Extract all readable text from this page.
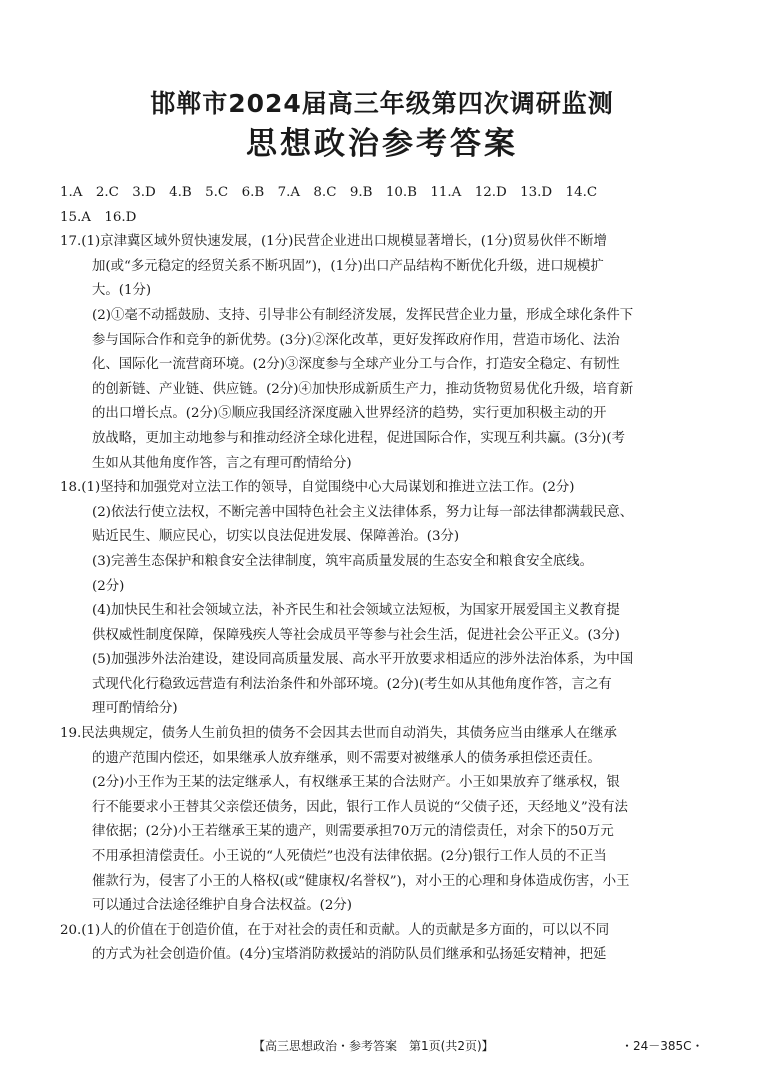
邯郸市2024届高三年级第四次调研监测
思想政治参考答案
1.A　2.C　3.D　4.B　5.C　6.B　7.A　8.C　9.B　10.B　11.A　12.D　13.D　14.C
15.A　16.D
17.(1)京津冀区域外贸快速发展，(1分)民营企业进出口规模显著增长，(1分)贸易伙伴不断增
加(或“多元稳定的经贸关系不断巩固”)，(1分)出口产品结构不断优化升级，进口规模扩
大。(1分)
(2)①毫不动摇鼓励、支持、引导非公有制经济发展，发挥民营企业力量，形成全球化条件下
参与国际合作和竞争的新优势。(3分)②深化改革，更好发挥政府作用，营造市场化、法治
化、国际化一流营商环境。(2分)③深度参与全球产业分工与合作，打造安全稳定、有韧性
的创新链、产业链、供应链。(2分)④加快形成新质生产力，推动货物贸易优化升级，培育新
的出口增长点。(2分)⑤顺应我国经济深度融入世界经济的趋势，实行更加积极主动的开
放战略，更加主动地参与和推动经济全球化进程，促进国际合作，实现互利共赢。(3分)(考
生如从其他角度作答，言之有理可酌情给分)
18.(1)坚持和加强党对立法工作的领导，自觉围绕中心大局谋划和推进立法工作。(2分)
(2)依法行使立法权，不断完善中国特色社会主义法律体系，努力让每一部法律都满载民意、
贴近民生、顺应民心，切实以良法促进发展、保障善治。(3分)
(3)完善生态保护和粮食安全法律制度，筑牢高质量发展的生态安全和粮食安全底线。
(2分)
(4)加快民生和社会领域立法，补齐民生和社会领域立法短板，为国家开展爱国主义教育提
供权威性制度保障，保障残疾人等社会成员平等参与社会生活，促进社会公平正义。(3分)
(5)加强涉外法治建设，建设同高质量发展、高水平开放要求相适应的涉外法治体系，为中国
式现代化行稳致远营造有利法治条件和外部环境。(2分)(考生如从其他角度作答，言之有
理可酌情给分)
19.民法典规定，债务人生前负担的债务不会因其去世而自动消失，其债务应当由继承人在继承
的遗产范围内偿还，如果继承人放弃继承，则不需要对被继承人的债务承担偿还责任。
(2分)小王作为王某的法定继承人，有权继承王某的合法财产。小王如果放弃了继承权，银
行不能要求小王替其父亲偿还债务，因此，银行工作人员说的“父债子还，天经地义”没有法
律依据；(2分)小王若继承王某的遗产，则需要承担70万元的清偿责任，对余下的50万元
不用承担清偿责任。小王说的“人死债烂”也没有法律依据。(2分)银行工作人员的不正当
催款行为，侵害了小王的人格权(或“健康权/名誉权”)，对小王的心理和身体造成伤害，小王
可以通过合法途径维护自身合法权益。(2分)
20.(1)人的价值在于创造价值，在于对社会的责任和贡献。人的贡献是多方面的，可以以不同
的方式为社会创造价值。(4分)宝塔消防救援站的消防队员们继承和弘扬延安精神，把延
【高三思想政治・参考答案　第1页(共2页)】	・24－385C・
